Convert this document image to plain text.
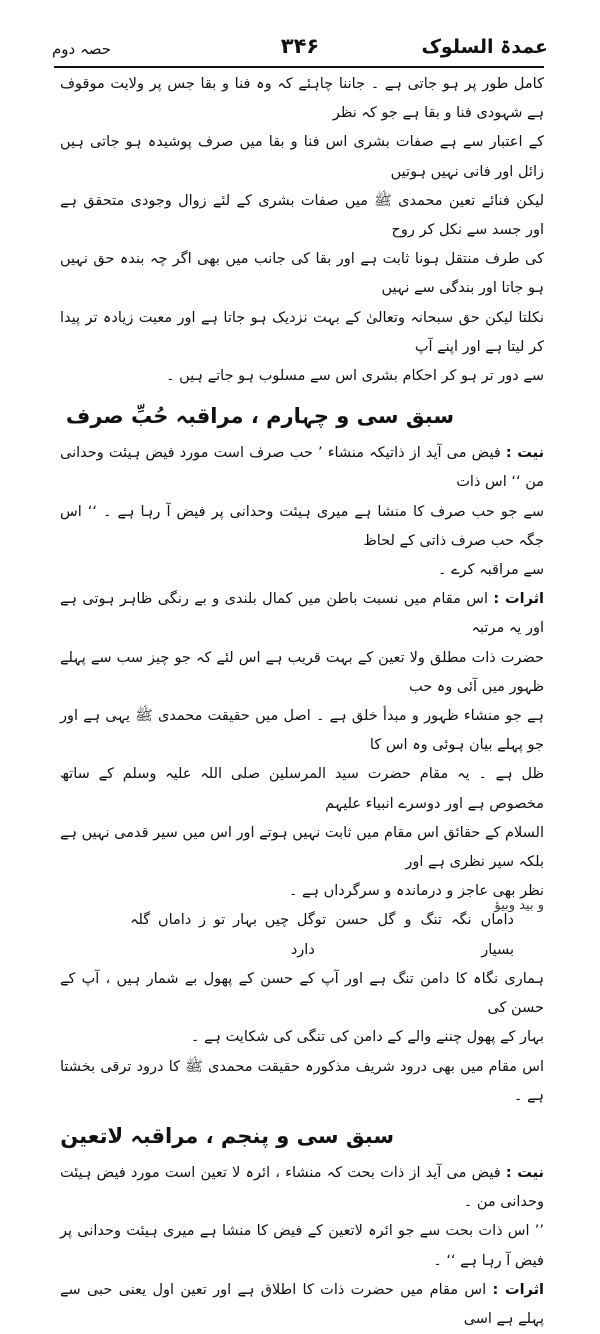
عمدۃ السلوک
۳۴۶
حصہ دوم

کامل طور پر ہو جاتی ہے ۔ جاننا چاہئے کہ وہ فنا و بقا جس پر ولایت موقوف ہے شہودی فنا و بقا ہے جو کہ نظر

کے اعتبار سے ہے صفات بشری اس فنا و بقا میں صرف پوشیدہ ہو جاتی ہیں زائل اور فانی نہیں ہوتیں

لیکن فنائے تعین محمدی ﷺ میں صفات بشری کے لئے زوال وجودی متحقق ہے اور جسد سے نکل کر روح

کی طرف منتقل ہونا ثابت ہے اور بقا کی جانب میں بھی اگر چہ بندہ حق نہیں ہو جاتا اور بندگی سے نہیں

نکلتا لیکن حق سبحانہ وتعالیٰ کے بہت نزدیک ہو جاتا ہے اور معیت زیادہ تر پیدا کر لیتا ہے اور اپنے آپ

سے دور تر ہو کر احکام بشری اس سے مسلوب ہو جاتے ہیں ۔

سبق سی و چہارم ، مراقبہ حُبِّ صرف

نیت : فیض می آید از ذاتیکہ منشاء ’ حب صرف است مورد فیض ہیئت وحدانی من ‘‘ اس ذات

سے جو حب صرف کا منشا ہے میری ہیئت وحدانی پر فیض آ رہا ہے ۔ ‘‘ اس جگہ حب صرف ذاتی کے لحاظ

سے مراقبہ کرے ۔

اثرات : اس مقام میں نسبت باطن میں کمال بلندی و بے رنگی ظاہر ہوتی ہے اور یہ مرتبہ

حضرت ذات مطلق ولا تعین کے بہت قریب ہے اس لئے کہ جو چیز سب سے پہلے ظہور میں آئی وہ حب

ہے جو منشاء ظہور و مبدأ خلق ہے ۔ اصل میں حقیقت محمدی ﷺ یہی ہے اور جو پہلے بیان ہوئی وہ اس کا

ظل ہے ۔ یہ مقام حضرت سید المرسلین صلی اللہ علیہ وسلم کے ساتھ مخصوص ہے اور دوسرے انبیاء علیہم

السلام کے حقائق اس مقام میں ثابت نہیں ہوتے اور اس میں سیر قدمی نہیں ہے بلکہ سیر نظری ہے اور

نظر بھی عاجز و درماندہ و سرگرداں ہے ۔

داماں نگہ تنگ و گل حسن تو بسیار
گل چیں بہار تو ز داماں گلہ دارد

ہماری نگاہ کا دامن تنگ ہے اور آپ کے حسن کے پھول بے شمار ہیں ، آپ کے حسن کی

بہار کے پھول چننے والے کے دامن کی تنگی کی شکایت ہے ۔

اس مقام میں بھی درود شریف مذکورہ حقیقت محمدی ﷺ کا درود ترقی بخشتا ہے ۔

سبق سی و پنجم ، مراقبہ لاتعین

نیت : فیض می آید از ذات بحت کہ منشاء ، ائرہ لا تعین است مورد فیض ہیئت وحدانی من ۔

’’ اس ذات بحت سے جو ائرہ لاتعین کے فیض کا منشا ہے میری ہیئت وحدانی پر فیض آ رہا ہے ‘‘ ۔

اثرات : اس مقام میں حضرت ذات کا اطلاق ہے اور تعین اول یعنی حبی سے پہلے ہے اسی

و بید وبیؤ
